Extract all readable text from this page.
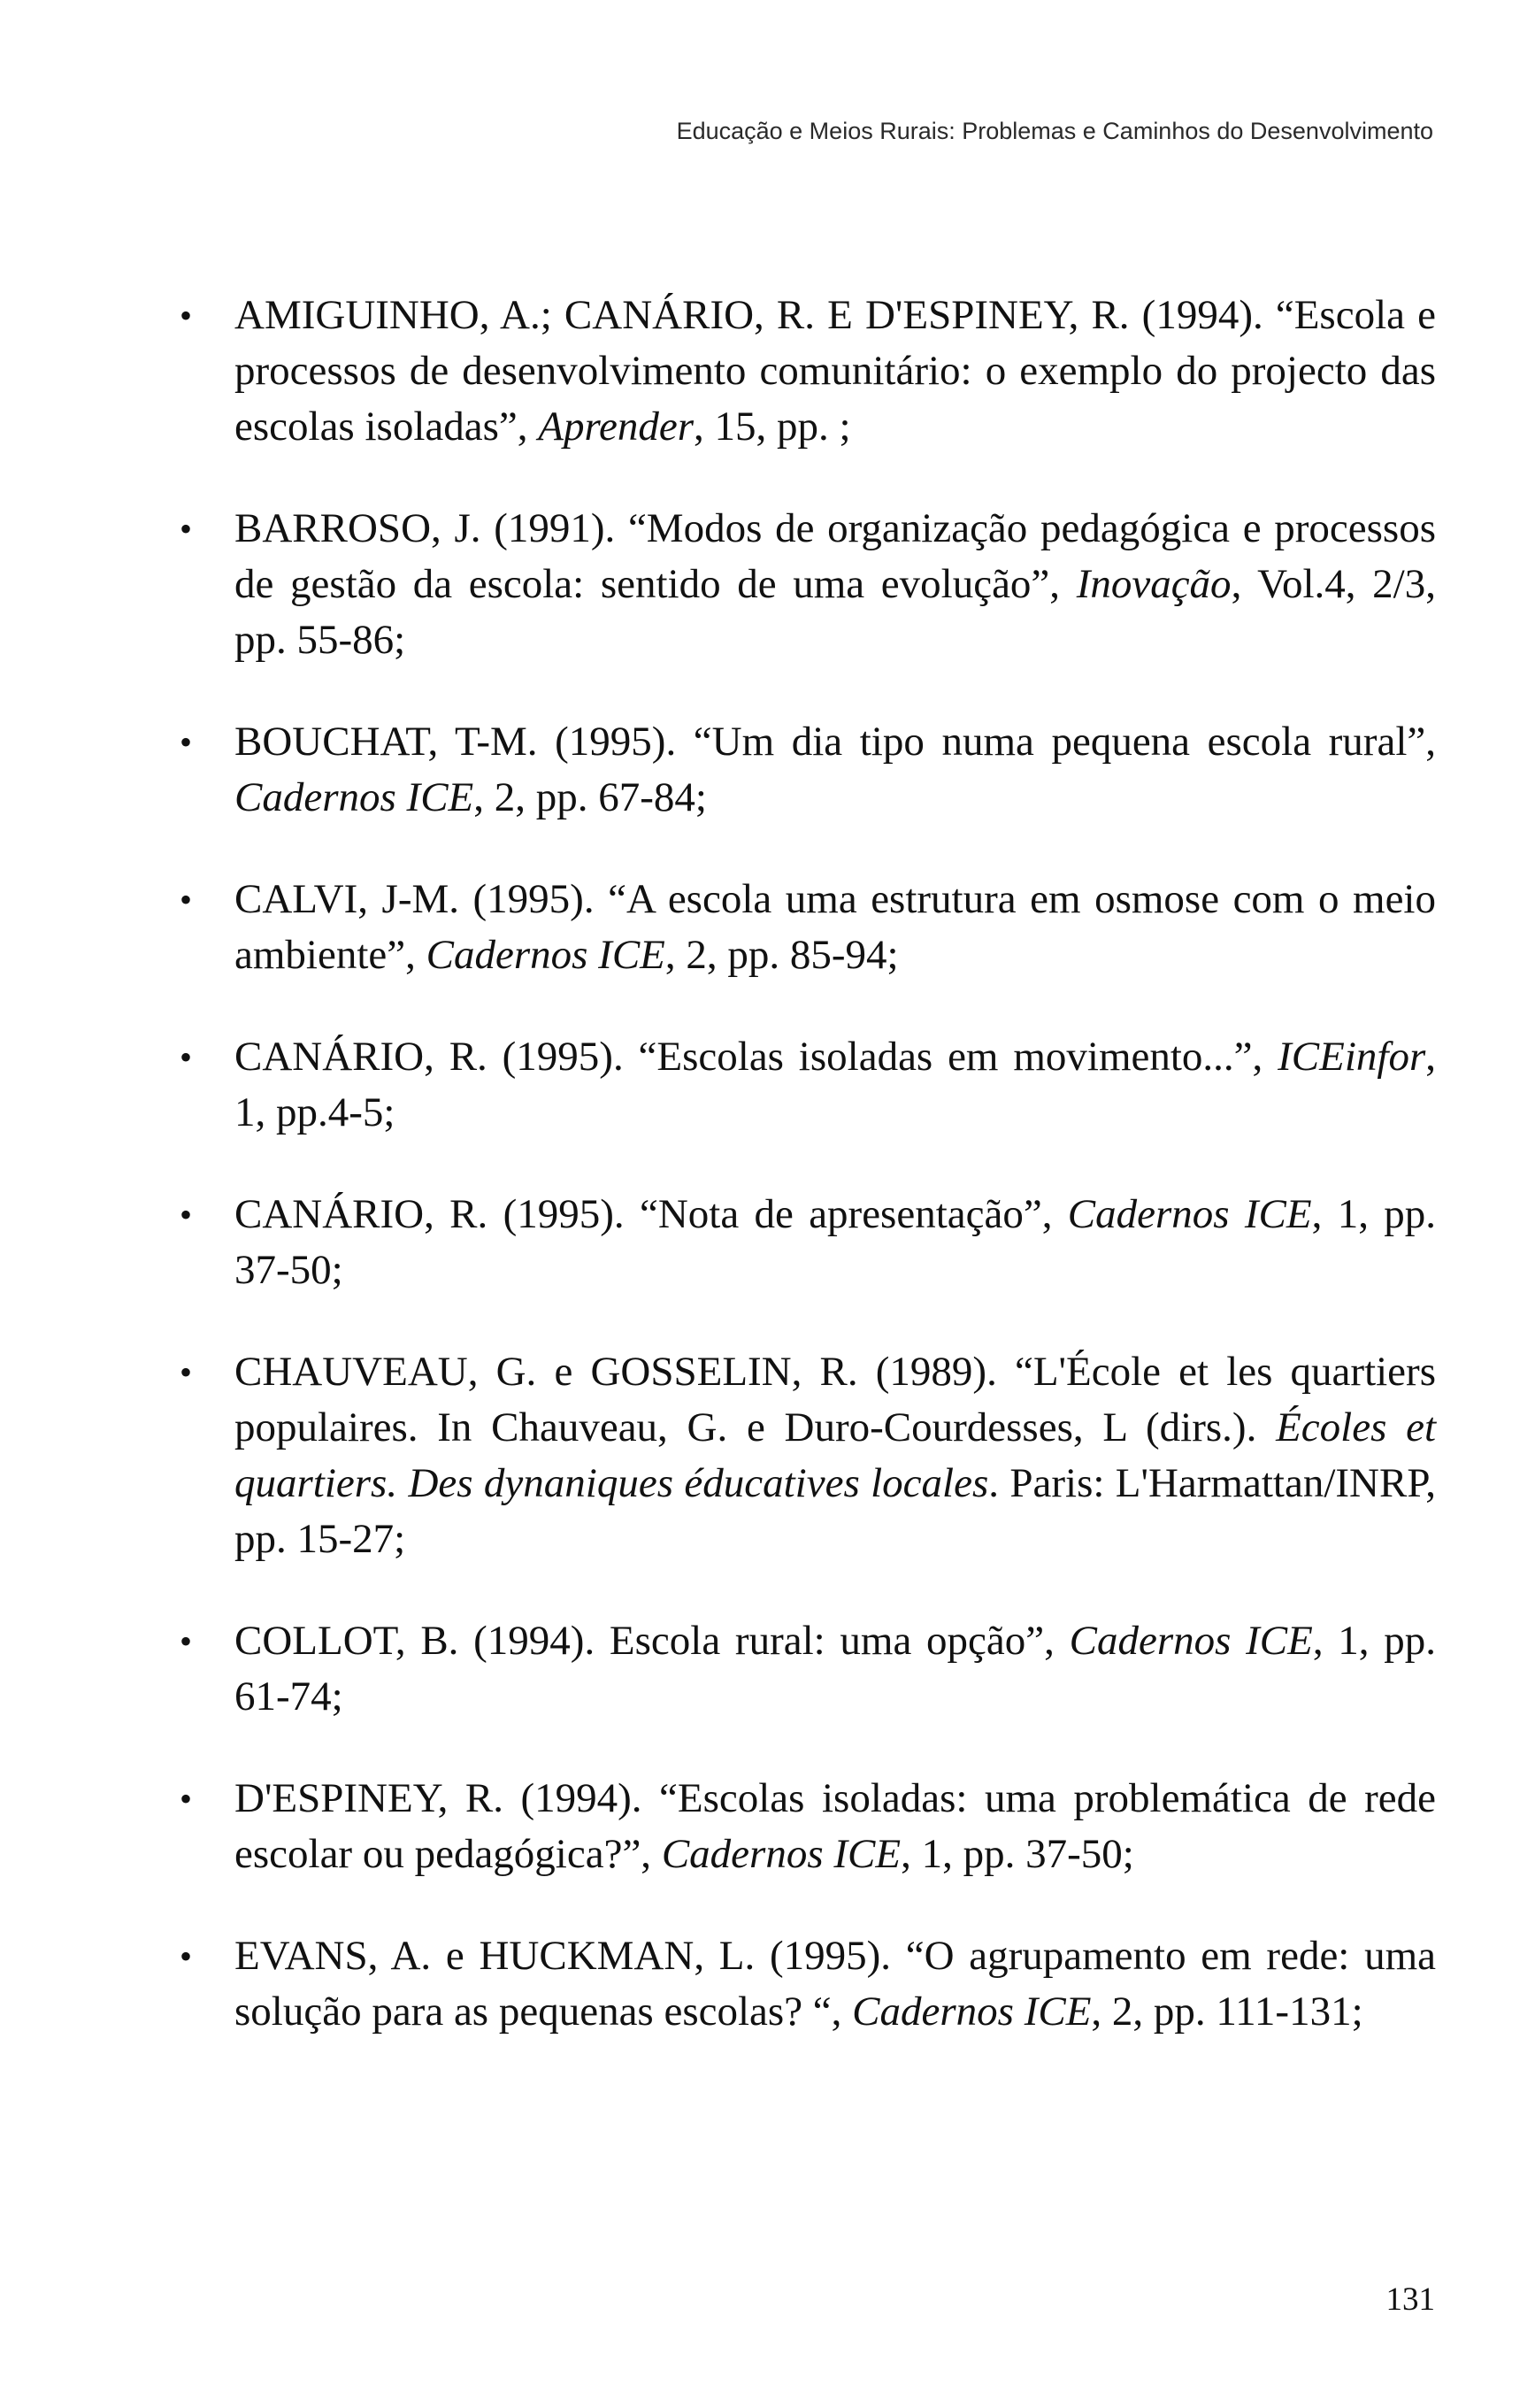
Educação e Meios Rurais: Problemas e Caminhos do Desenvolvimento
• AMIGUINHO, A.; CANÁRIO, R. E D'ESPINEY, R. (1994). “Escola e processos de desenvolvimento comunitário: o exemplo do projecto das escolas isoladas”, Aprender, 15, pp. ;
• BARROSO, J. (1991). “Modos de organização pedagógica e processos de gestão da escola: sentido de uma evolução”, Inovação, Vol.4, 2/3, pp. 55-86;
• BOUCHAT, T-M. (1995). “Um dia tipo numa pequena escola rural”, Cadernos ICE, 2, pp. 67-84;
• CALVI, J-M. (1995). “A escola uma estrutura em osmose com o meio ambiente”, Cadernos ICE, 2, pp. 85-94;
• CANÁRIO, R. (1995). “Escolas isoladas em movimento...”, ICEinfor, 1, pp.4-5;
• CANÁRIO, R. (1995). “Nota de apresentação”, Cadernos ICE, 1, pp. 37-50;
• CHAUVEAU, G. e GOSSELIN, R. (1989). “L'École et les quartiers populaires. In Chauveau, G. e Duro-Courdesses, L (dirs.). Écoles et quartiers. Des dynaniques éducatives locales. Paris: L'Harmattan/INRP, pp. 15-27;
• COLLOT, B. (1994). Escola rural: uma opção”, Cadernos ICE, 1, pp. 61-74;
• D'ESPINEY, R. (1994). “Escolas isoladas: uma problemática de rede escolar ou pedagógica?”, Cadernos ICE, 1, pp. 37-50;
• EVANS, A. e HUCKMAN, L. (1995). “O agrupamento em rede: uma solução para as pequenas escolas? “, Cadernos ICE, 2, pp. 111-131;
131
